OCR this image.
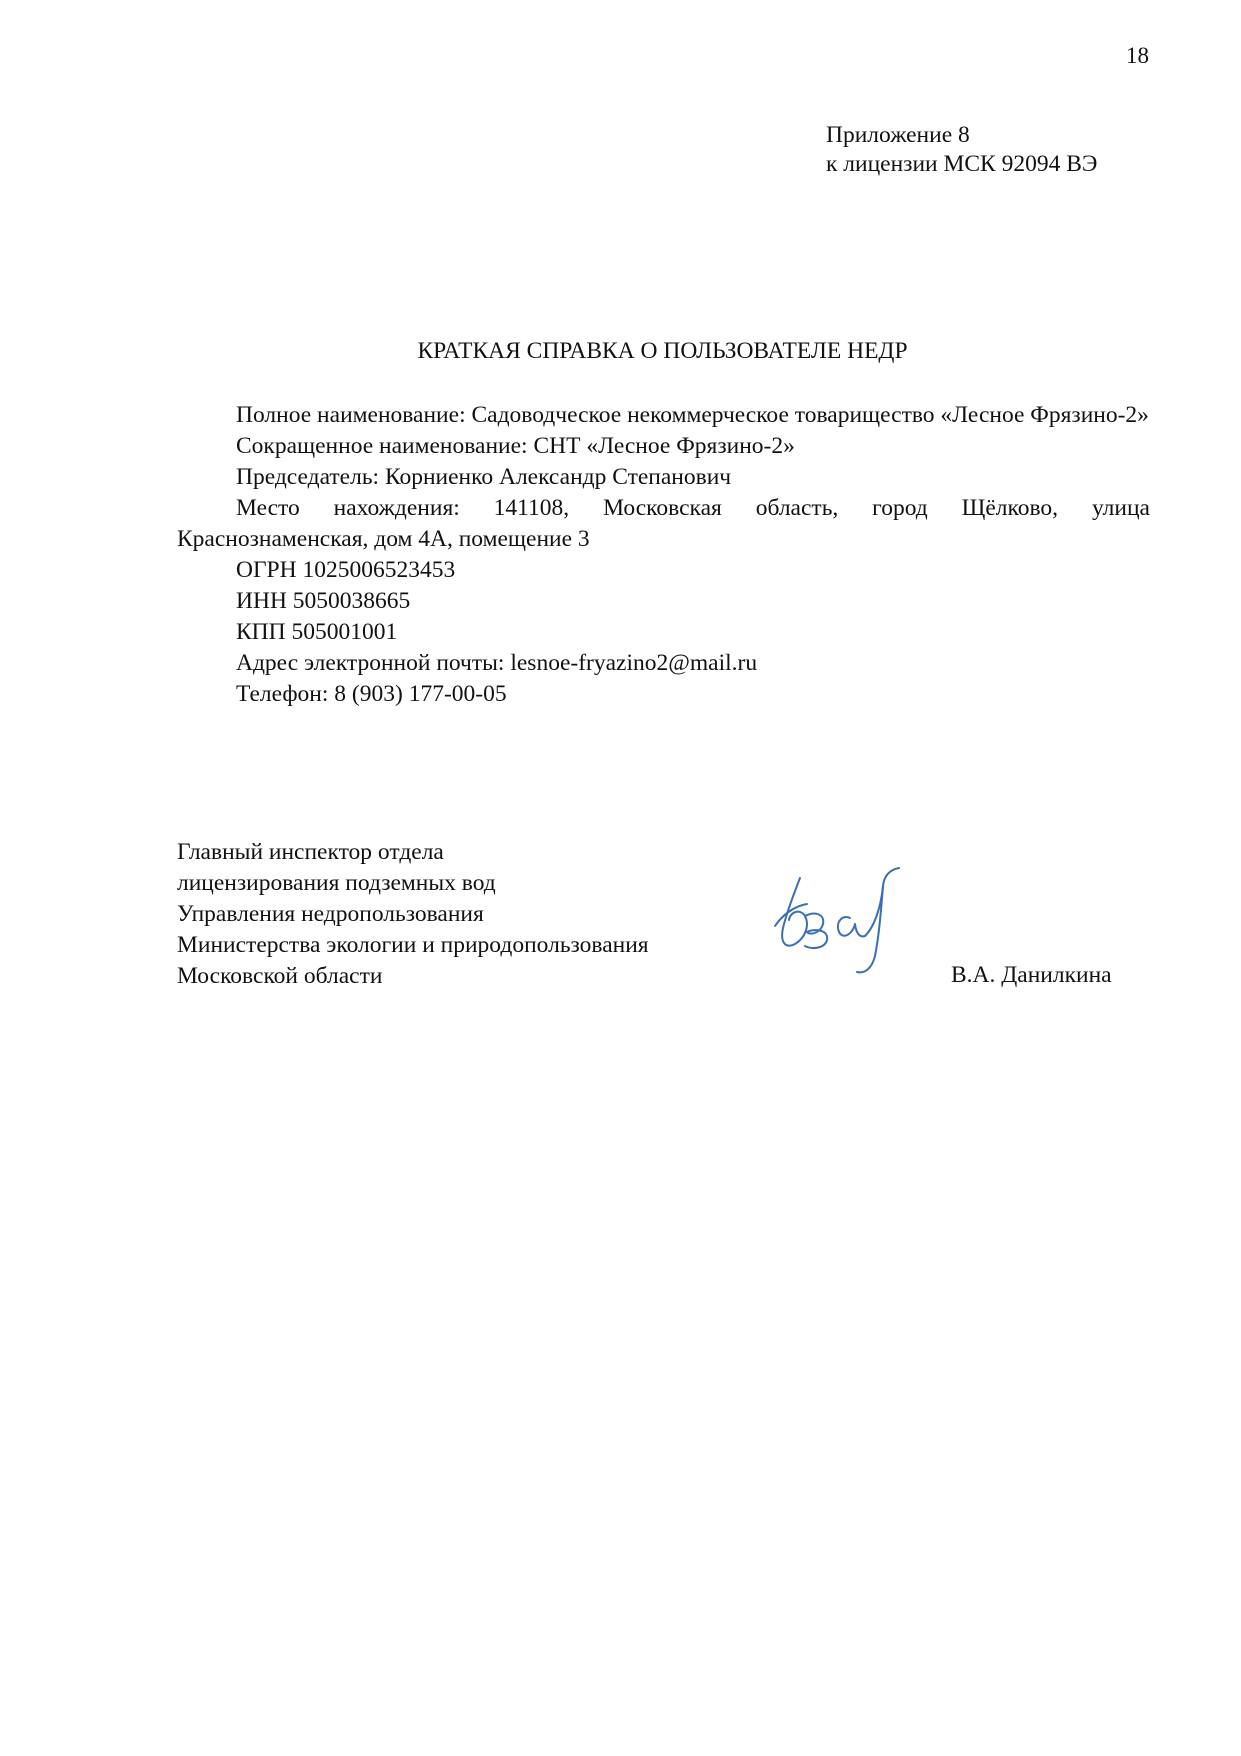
18
Приложение 8
к лицензии МСК 92094 ВЭ
КРАТКАЯ СПРАВКА О ПОЛЬЗОВАТЕЛЕ НЕДР

Полное наименование: Садоводческое некоммерческое товарищество «Лесное Фрязино-2»

Сокращенное наименование: СНТ «Лесное Фрязино-2»

Председатель: Корниенко Александр Степанович

Место нахождения: 141108, Московская область, город Щёлково, улица Краснознаменская, дом 4А, помещение 3

ОГРН 1025006523453

ИНН 5050038665

КПП 505001001

Адрес электронной почты: lesnoe-fryazino2@mail.ru

Телефон: 8 (903) 177-00-05

Главный инспектор отдела
лицензирования подземных вод
Управления недропользования
Министерства экологии и природопользования
Московской области	В.А. Данилкина
